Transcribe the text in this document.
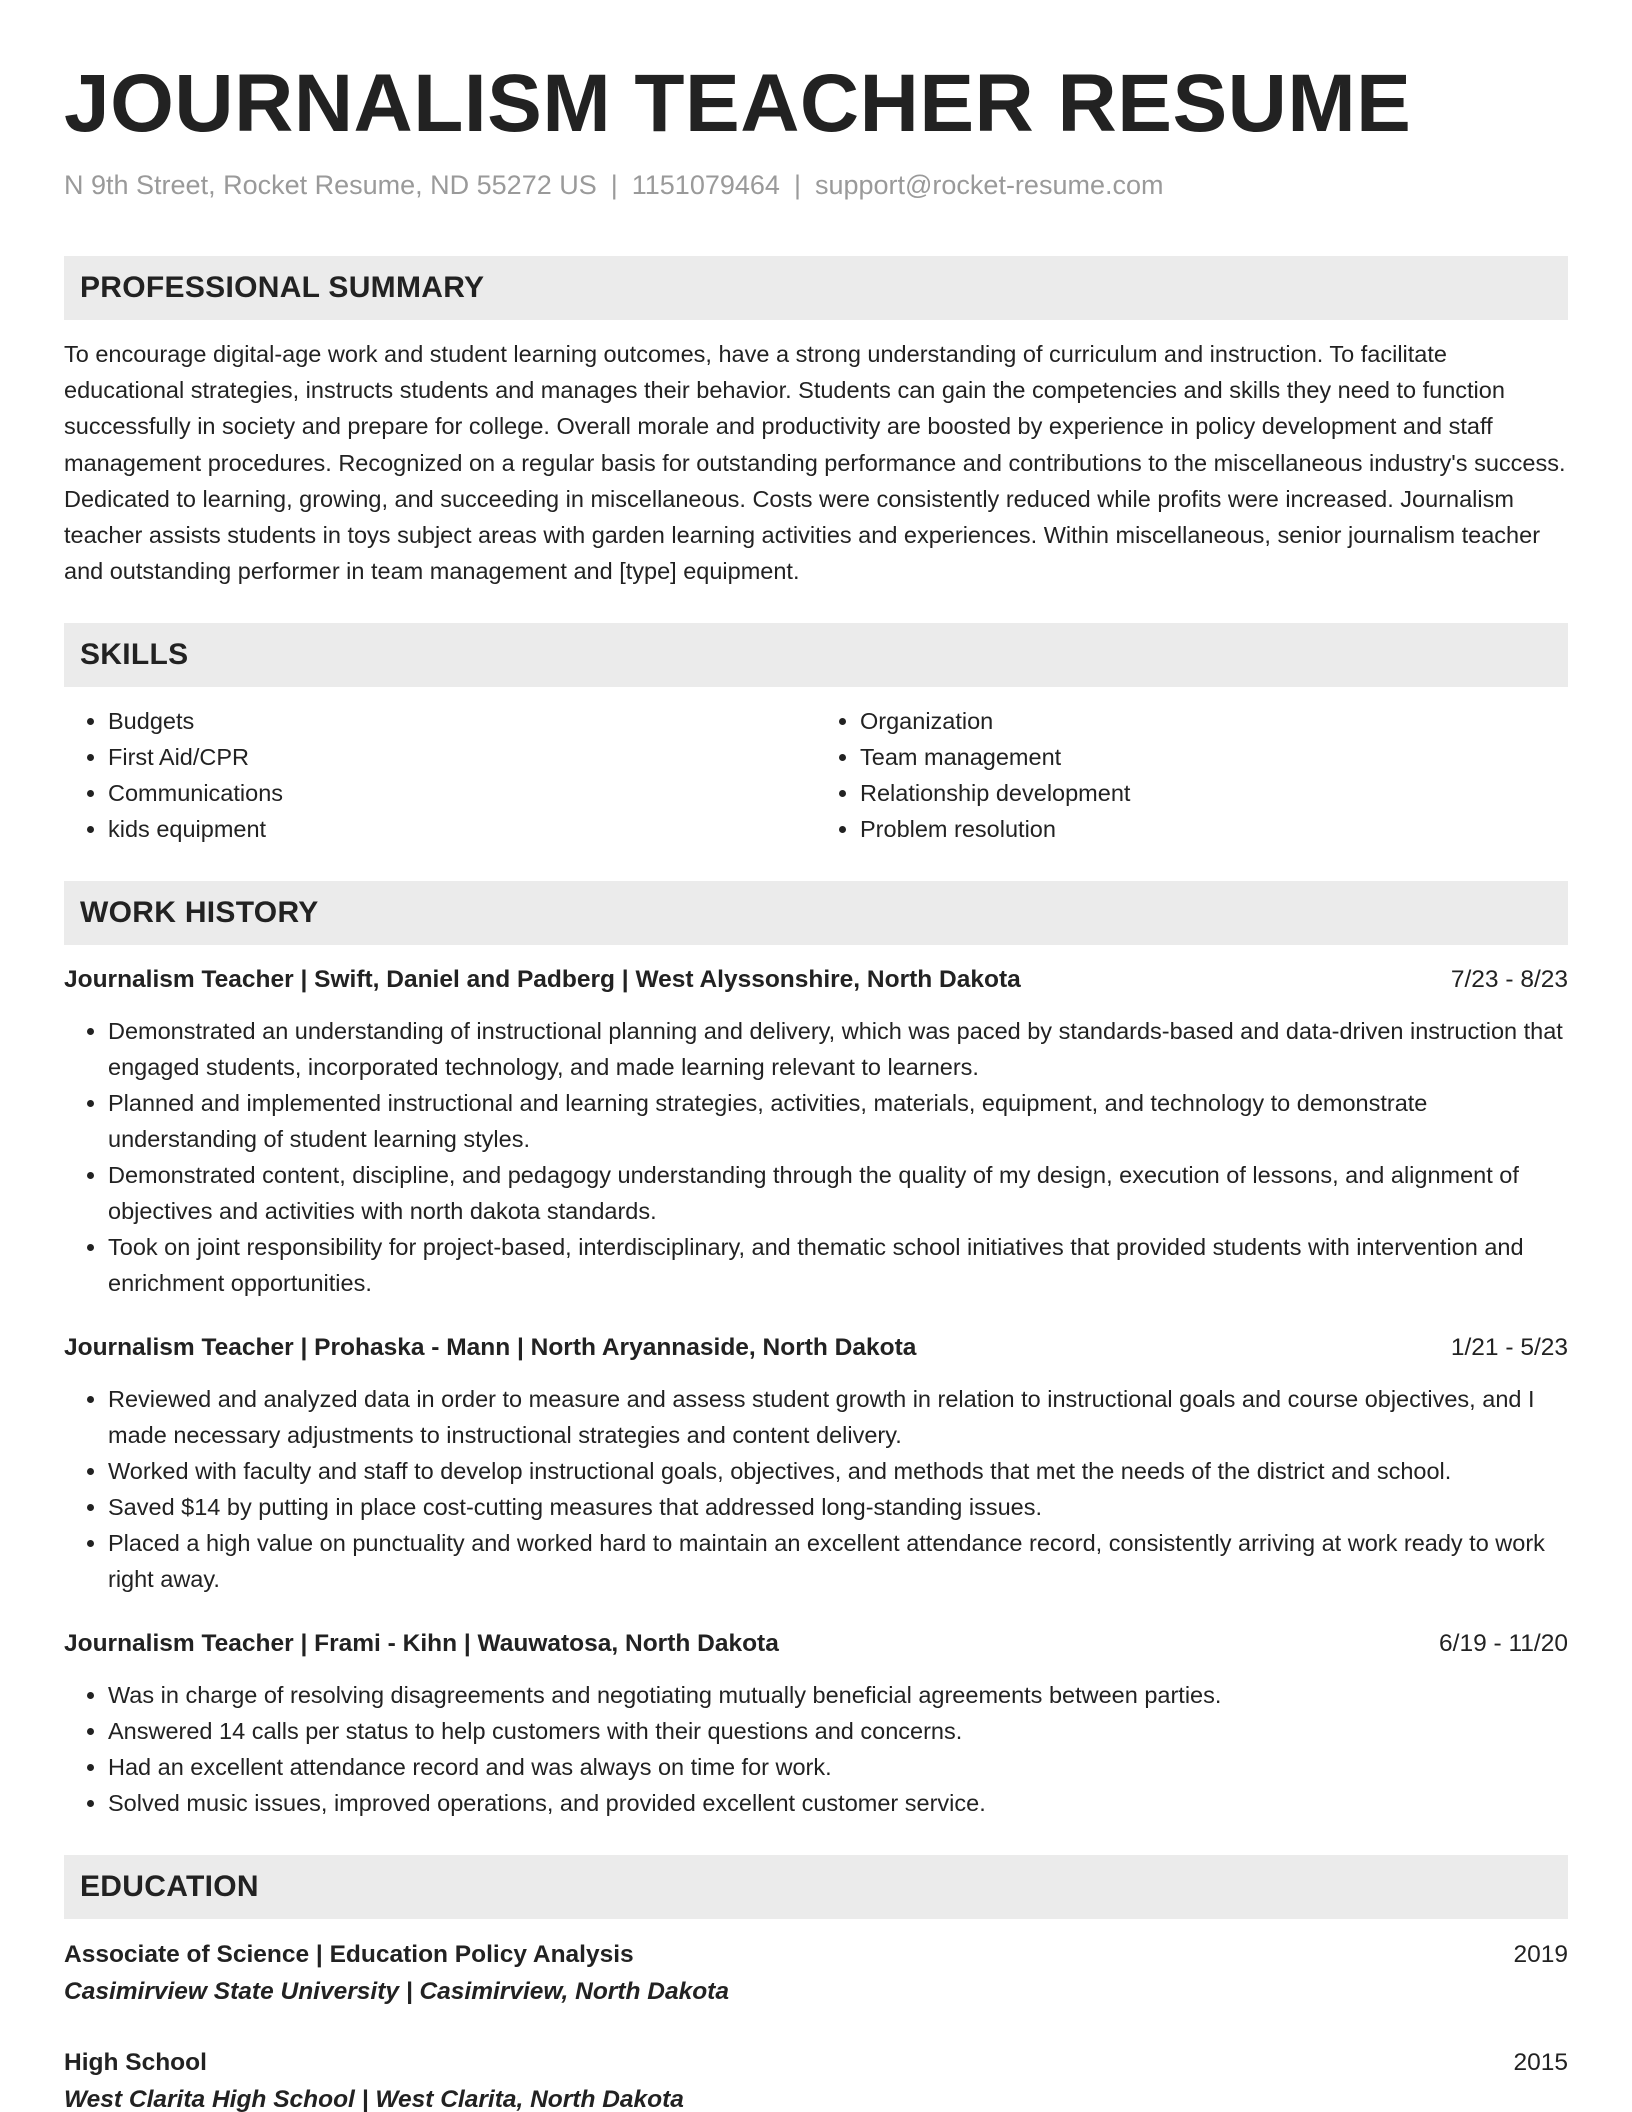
JOURNALISM TEACHER RESUME
N 9th Street, Rocket Resume, ND 55272 US | 1151079464 | support@rocket-resume.com
PROFESSIONAL SUMMARY

To encourage digital-age work and student learning outcomes, have a strong understanding of curriculum and instruction. To facilitate educational strategies, instructs students and manages their behavior. Students can gain the competencies and skills they need to function successfully in society and prepare for college. Overall morale and productivity are boosted by experience in policy development and staff management procedures. Recognized on a regular basis for outstanding performance and contributions to the miscellaneous industry's success. Dedicated to learning, growing, and succeeding in miscellaneous. Costs were consistently reduced while profits were increased. Journalism teacher assists students in toys subject areas with garden learning activities and experiences. Within miscellaneous, senior journalism teacher and outstanding performer in team management and [type] equipment.

SKILLS
• Budgets
• First Aid/CPR
• Communications
• kids equipment
• Organization
• Team management
• Relationship development
• Problem resolution
WORK HISTORY
Journalism Teacher | Swift, Daniel and Padberg | West Alyssonshire, North Dakota	7/23 - 8/23
• Demonstrated an understanding of instructional planning and delivery, which was paced by standards-based and data-driven instruction that engaged students, incorporated technology, and made learning relevant to learners.
• Planned and implemented instructional and learning strategies, activities, materials, equipment, and technology to demonstrate understanding of student learning styles.
• Demonstrated content, discipline, and pedagogy understanding through the quality of my design, execution of lessons, and alignment of objectives and activities with north dakota standards.
• Took on joint responsibility for project-based, interdisciplinary, and thematic school initiatives that provided students with intervention and enrichment opportunities.
Journalism Teacher | Prohaska - Mann | North Aryannaside, North Dakota	1/21 - 5/23
• Reviewed and analyzed data in order to measure and assess student growth in relation to instructional goals and course objectives, and I made necessary adjustments to instructional strategies and content delivery.
• Worked with faculty and staff to develop instructional goals, objectives, and methods that met the needs of the district and school.
• Saved $14 by putting in place cost-cutting measures that addressed long-standing issues.
• Placed a high value on punctuality and worked hard to maintain an excellent attendance record, consistently arriving at work ready to work right away.
Journalism Teacher | Frami - Kihn | Wauwatosa, North Dakota	6/19 - 11/20
• Was in charge of resolving disagreements and negotiating mutually beneficial agreements between parties.
• Answered 14 calls per status to help customers with their questions and concerns.
• Had an excellent attendance record and was always on time for work.
• Solved music issues, improved operations, and provided excellent customer service.
EDUCATION
Associate of Science | Education Policy Analysis	2019
Casimirview State University | Casimirview, North Dakota
High School	2015
West Clarita High School | West Clarita, North Dakota
